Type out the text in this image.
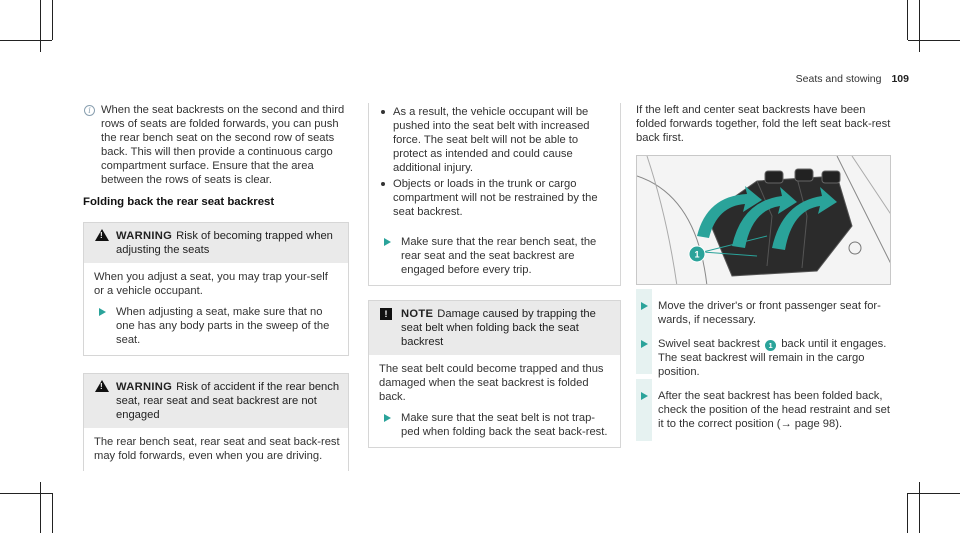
Seats and stowing 109
i When the seat backrests on the second and third rows of seats are folded forwards, you can push the rear bench seat on the second row of seats back. This will then provide a continuous cargo compartment surface. Ensure that the area between the rows of seats is clear.
Folding back the rear seat backrest
!
WARNING Risk of becoming trapped when adjusting the seats

When you adjust a seat, you may trap your-self or a vehicle occupant.

When adjusting a seat, make sure that no one has any body parts in the sweep of the seat.
!
WARNING Risk of accident if the rear bench seat, rear seat and seat backrest are not engaged

The rear bench seat, rear seat and seat back-rest may fold forwards, even when you are driving.

As a result, the vehicle occupant will be pushed into the seat belt with increased force. The seat belt will not be able to protect as intended and could cause additional injury.
Objects or loads in the trunk or cargo compartment will not be restrained by the seat backrest.
Make sure that the rear bench seat, the rear seat and the seat backrest are engaged before every trip.
!	NOTE Damage caused by trapping the seat belt when folding back the seat backrest

The seat belt could become trapped and thus damaged when the seat backrest is folded back.

Make sure that the seat belt is not trap-ped when folding back the seat back-rest.
If the left and center seat backrests have been folded forwards together, fold the left seat back-rest back first.
1
Move the driver's or front passenger seat for-wards, if necessary.
Swivel seat backrest 1 back until it engages.
The seat backrest will remain in the cargo position.
After the seat backrest has been folded back, check the position of the head restraint and set it to the correct position (→ page 98).
